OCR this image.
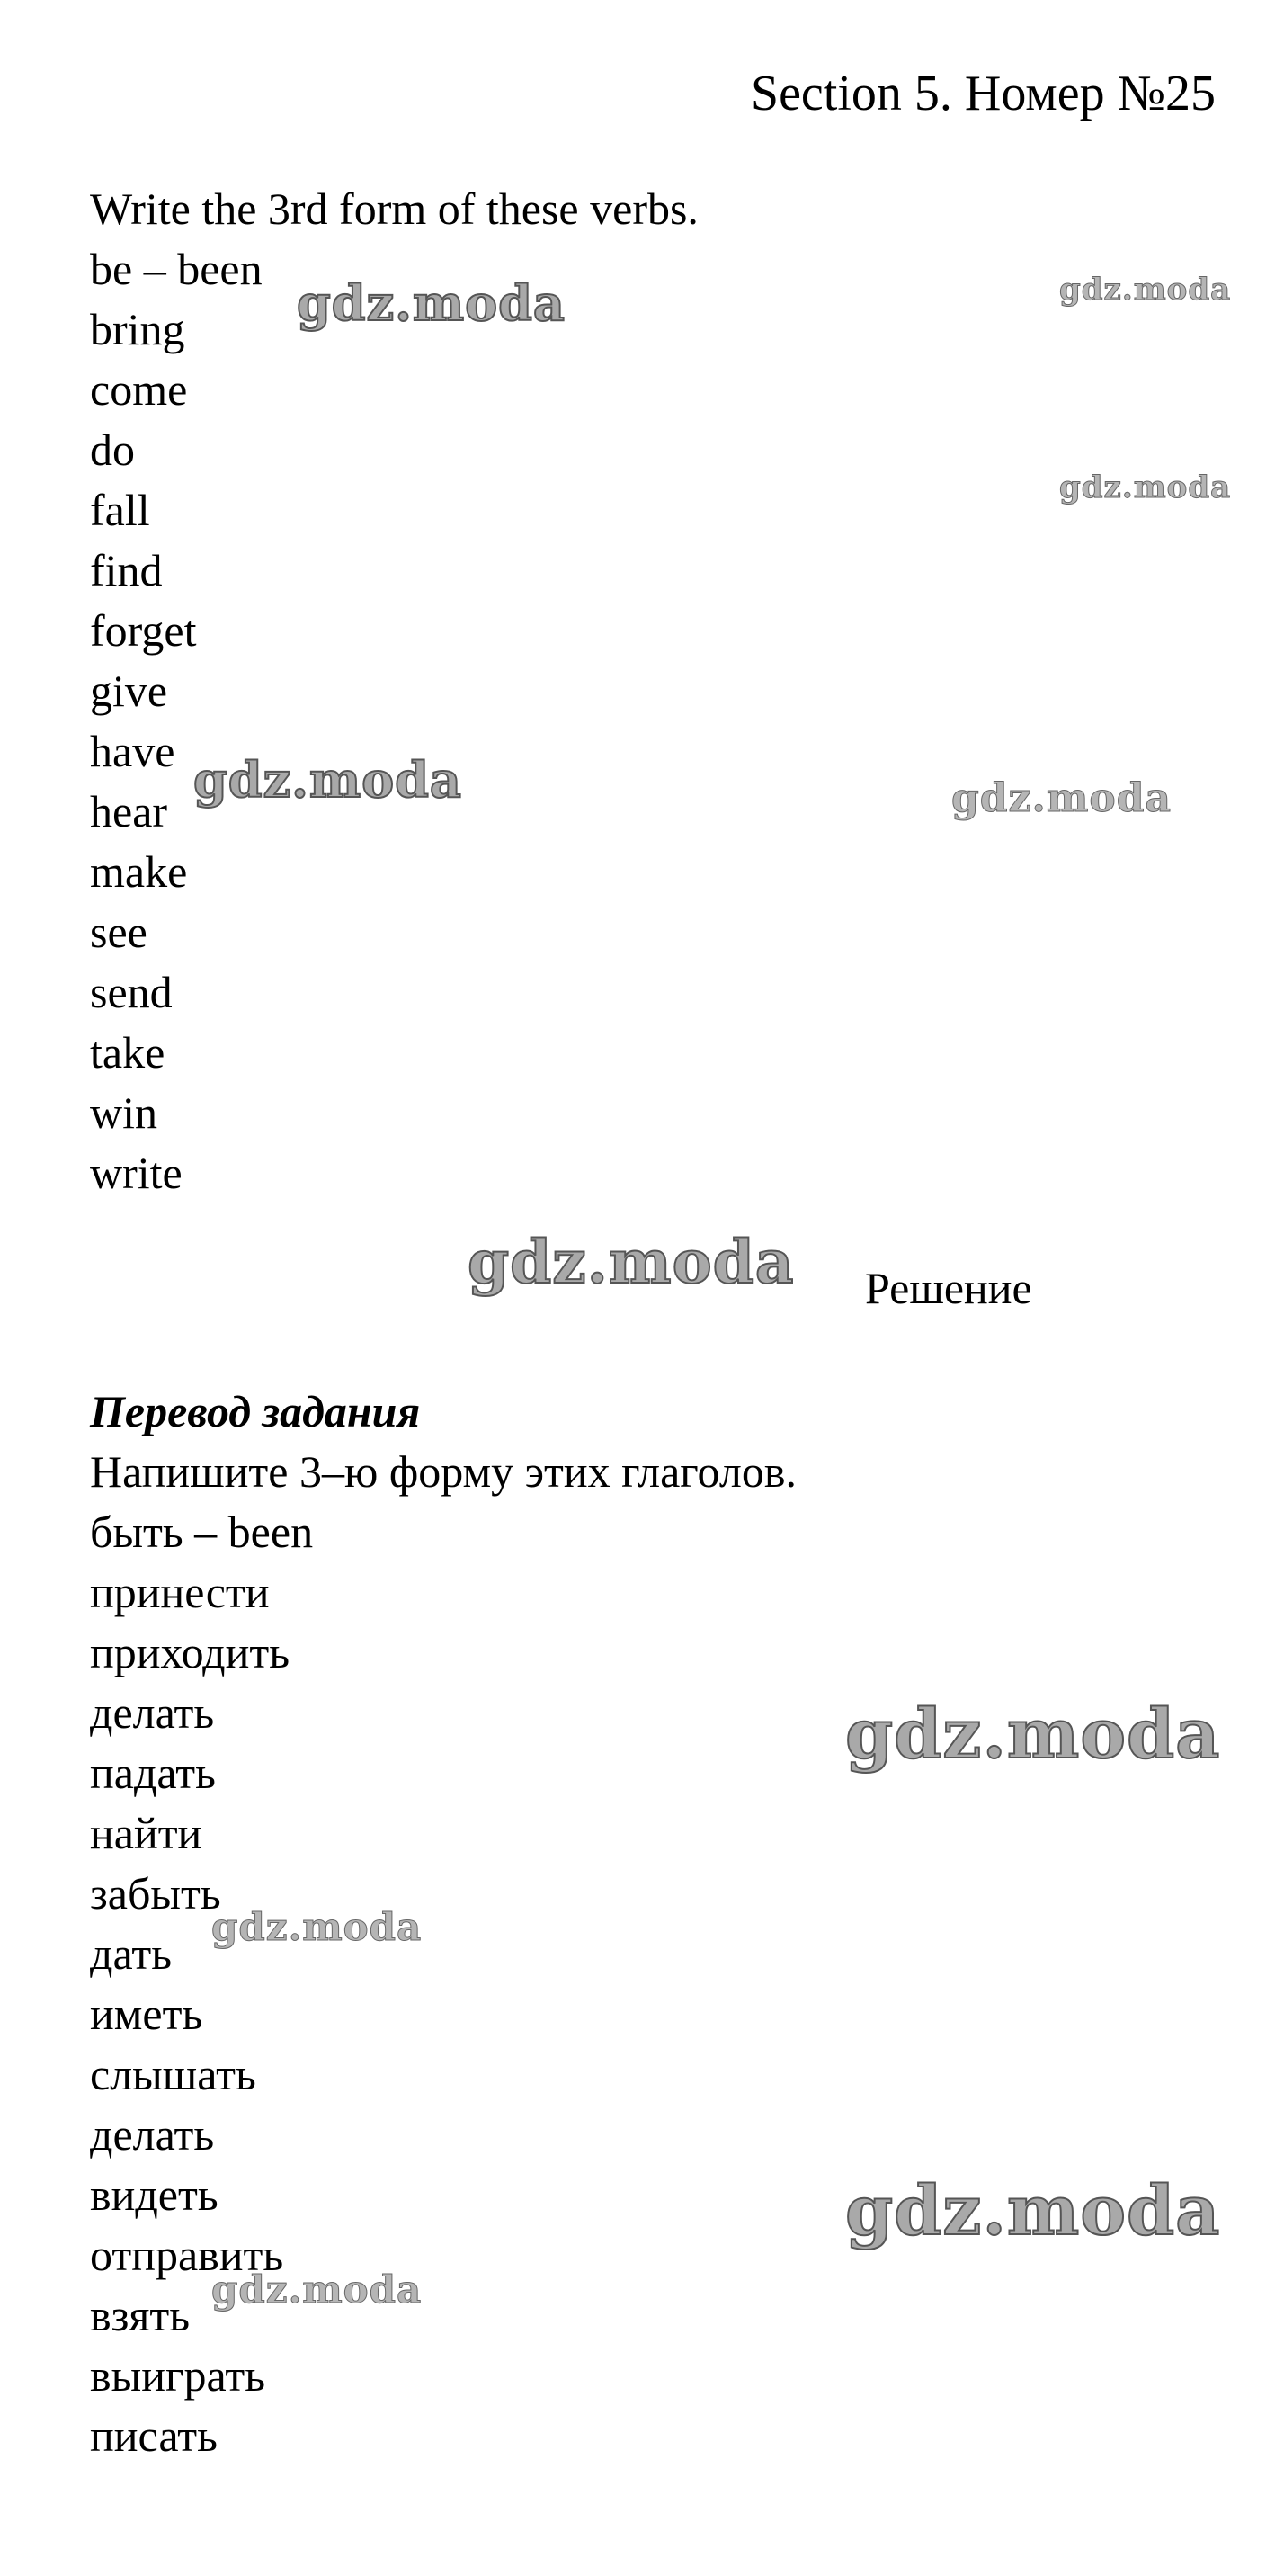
Section 5. Номер №25
Write the 3rd form of these verbs.
be – been
bring
come
do
fall
find
forget
give
have
hear
make
see
send
take
win
write
Решение
Перевод задания
Напишите 3–ю форму этих глаголов.
быть – been
принести
приходить
делать
падать
найти
забыть
дать
иметь
слышать
делать
видеть
отправить
взять
выиграть
писать
gdz.moda	gdz.moda
gdz.moda
gdz.moda	gdz.moda
gdz.moda
gdz.moda
gdz.moda
gdz.moda
gdz.moda
